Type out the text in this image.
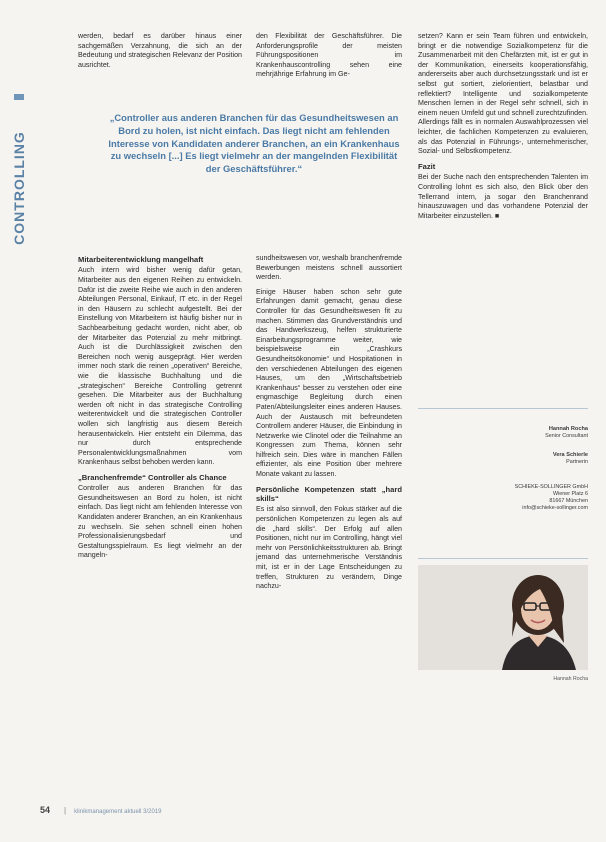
CONTROLLING

werden, bedarf es darüber hinaus einer sachgemäßen Verzahnung, die sich an der Bedeutung und strategischen Relevanz der Position ausrichtet.

den Flexibilität der Geschäftsführer. Die Anforderungsprofile der meisten Führungspositionen im Krankenhauscontrolling sehen eine mehrjährige Erfahrung im Ge-

„Controller aus anderen Branchen für das Gesundheitswesen an Bord zu holen, ist nicht einfach. Das liegt nicht am fehlenden Interesse von Kandidaten anderer Branchen, an ein Krankenhaus zu wechseln [...] Es liegt vielmehr an der mangelnden Flexibilität der Geschäftsführer.“
Mitarbeiterentwicklung mangelhaft

Auch intern wird bisher wenig dafür getan, Mitarbeiter aus den eigenen Reihen zu entwickeln. Dafür ist die zweite Reihe wie auch in den anderen Abteilungen Personal, Einkauf, IT etc. in der Regel in den Häusern zu schlecht aufgestellt. Bei der Einstellung von Mitarbeitern ist häufig bisher nur in Sachbearbeitung gedacht worden, nicht aber, ob der Mitarbeiter das Potenzial zu mehr mitbringt. Auch ist die Durchlässigkeit zwischen den Bereichen noch wenig ausgeprägt. Hier werden immer noch stark die reinen „operativen“ Bereiche, wie die klassische Buchhaltung und die „strategischen“ Bereiche Controlling getrennt gesehen. Die Mitarbeiter aus der Buchhaltung werden oft nicht in das strategische Controlling weiterentwickelt und die strategischen Controller wollen sich langfristig aus diesem Bereich herausentwickeln. Hier entsteht ein Dilemma, das nur durch entsprechende Personalentwicklungsmaßnahmen vom Krankenhaus selbst behoben werden kann.

„Branchenfremde“ Controller als Chance

Controller aus anderen Branchen für das Gesundheitswesen an Bord zu holen, ist nicht einfach. Das liegt nicht am fehlenden Interesse von Kandidaten anderer Branchen, an ein Krankenhaus zu wechseln. Sie sehen schnell einen hohen Professionalisierungsbedarf und Gestaltungsspielraum. Es liegt vielmehr an der mangeln-

sundheitswesen vor, weshalb branchenfremde Bewerbungen meistens schnell aussortiert werden.

Einige Häuser haben schon sehr gute Erfahrungen damit gemacht, genau diese Controller für das Gesundheitswesen fit zu machen. Stimmen das Grundverständnis und das Handwerkszeug, helfen strukturierte Einarbeitungsprogramme weiter, wie beispielsweise ein „Crashkurs Gesundheitsökonomie“ und Hospitationen in den verschiedenen Abteilungen des eigenen Hauses, um den „Wirtschaftsbetrieb Krankenhaus“ besser zu verstehen oder eine engmaschige Begleitung durch einen Paten/Abteilungsleiter eines anderen Hauses. Auch der Austausch mit befreundeten Controllern anderer Häuser, die Einbindung in Netzwerke wie Clinotel oder die Teilnahme an Kongressen zum Thema, können sehr hilfreich sein. Dies wäre in manchen Fällen effizienter, als eine Position über mehrere Monate vakant zu lassen.

Persönliche Kompetenzen statt „hard skills“

Es ist also sinnvoll, den Fokus stärker auf die persönlichen Kompetenzen zu legen als auf die „hard skills“. Der Erfolg auf allen Positionen, nicht nur im Controlling, hängt viel mehr von Persönlichkeitsstrukturen ab. Bringt jemand das unternehmerische Verständnis mit, ist er in der Lage Entscheidungen zu treffen, Strukturen zu verändern, Dinge nachzu-

setzen? Kann er sein Team führen und entwickeln, bringt er die notwendige Sozialkompetenz für die Zusammenarbeit mit den Chefärzten mit, ist er gut in der Kommunikation, einerseits kooperationsfähig, andererseits aber auch durchsetzungsstark und ist er selbst gut sortiert, zielorientiert, belastbar und reflektiert? Intelligente und sozialkompetente Menschen lernen in der Regel sehr schnell, sich in einem neuen Umfeld gut und schnell zurechtzufinden. Allerdings fällt es in normalen Auswahlprozessen viel leichter, die fachlichen Kompetenzen zu evaluieren, als das Potenzial in Führungs-, unternehmerischer, Sozial- und Selbstkompetenz.

Fazit

Bei der Suche nach den entsprechenden Talenten im Controlling lohnt es sich also, den Blick über den Tellerrand intern, ja sogar den Branchenrand hinauszuwagen und das vorhandene Potenzial der Mitarbeiter einzustellen. ■

Hannah Rocha
Senior Consultant
Vera Schierle
Partnerin
SCHIEKE-SOLLINGER GmbH
Wiener Platz 6
81667 München
info@schieke-sollinger.com
Hannah Rocha
54 | klinikmanagement aktuell 3/2019
